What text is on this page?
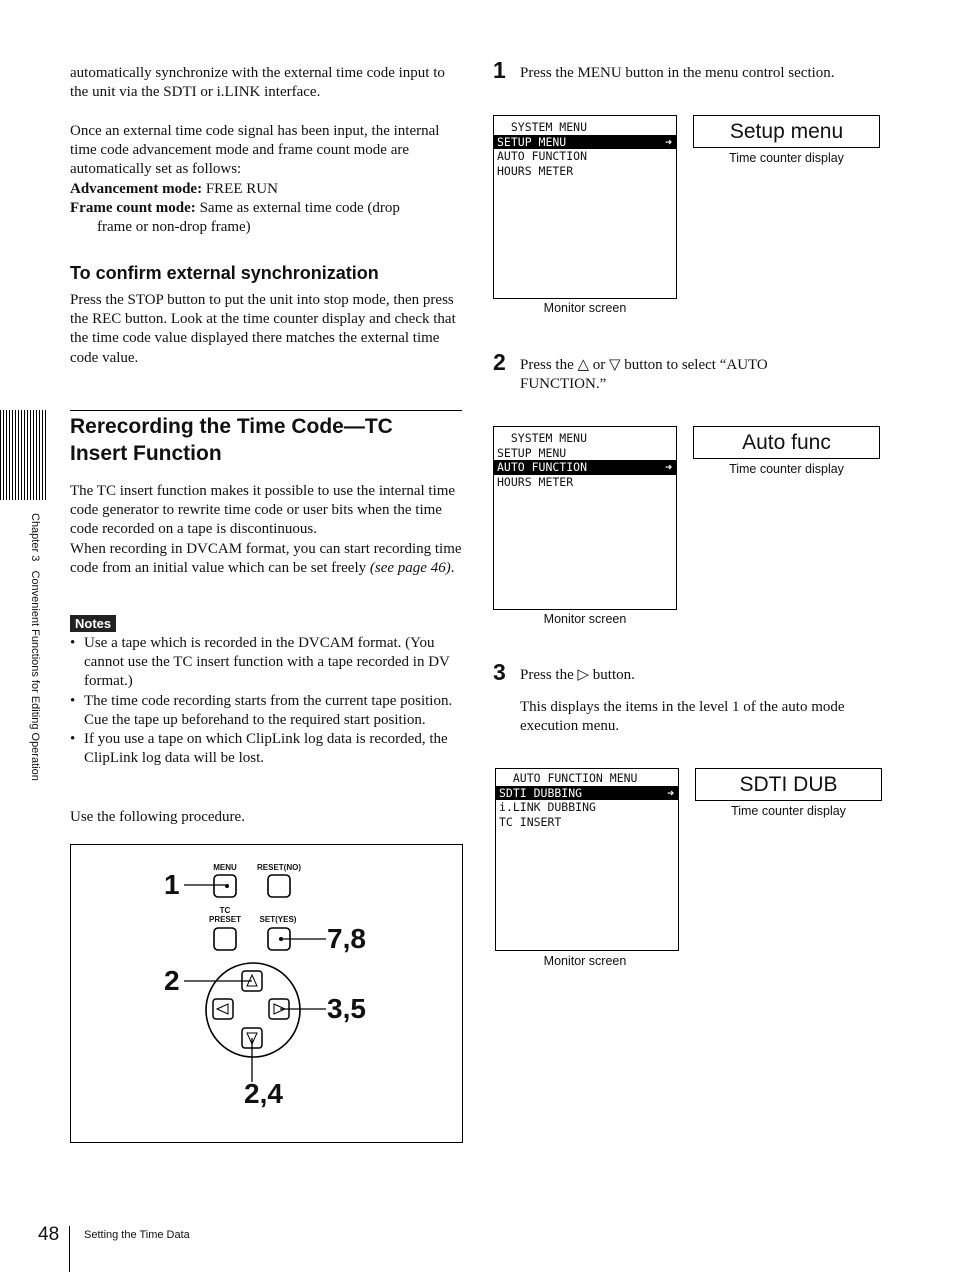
automatically synchronize with the external time code input to the unit via the SDTI or i.LINK interface.

Once an external time code signal has been input, the internal time code advancement mode and frame count mode are automatically set as follows:

Advancement mode: FREE RUN

Frame count mode: Same as external time code (drop

frame or non-drop frame)

To confirm external synchronization

Press the STOP button to put the unit into stop mode, then press the REC button. Look at the time counter display and check that the time code value displayed there matches the external time code value.

Rerecording the Time Code—TC Insert Function

The TC insert function makes it possible to use the internal time code generator to rewrite time code or user bits when the time code recorded on a tape is discontinuous.

When recording in DVCAM format, you can start recording time code from an initial value which can be set freely (see page 46).

Notes

• Use a tape which is recorded in the DVCAM format. (You cannot use the TC insert function with a tape recorded in DV format.)

• The time code recording starts from the current tape position. Cue the tape up beforehand to the required start position.

• If you use a tape on which ClipLink log data is recorded, the ClipLink log data will be lost.

Use the following procedure.

MENU	RESET(NO)
TC
PRESET	SET(YES)
1
7,8
2
3,5
2,4
1 Press the MENU button in the menu control section.

SYSTEM MENU
SETUP MENU	➜
AUTO FUNCTION
HOURS METER
Monitor screen
Setup menu
Time counter display
2 Press the △ or ▽ button to select “AUTO FUNCTION.”

SYSTEM MENU
SETUP MENU
AUTO FUNCTION	➜
HOURS METER
Monitor screen
Auto func
Time counter display
3 Press the ▷ button.

This displays the items in the level 1 of the auto mode execution menu.

AUTO FUNCTION MENU
SDTI DUBBING	➜
i.LINK DUBBING
TC INSERT
Monitor screen
SDTI DUB
Time counter display
Chapter 3   Convenient Functions for Editing Operation
48 Setting the Time Data
